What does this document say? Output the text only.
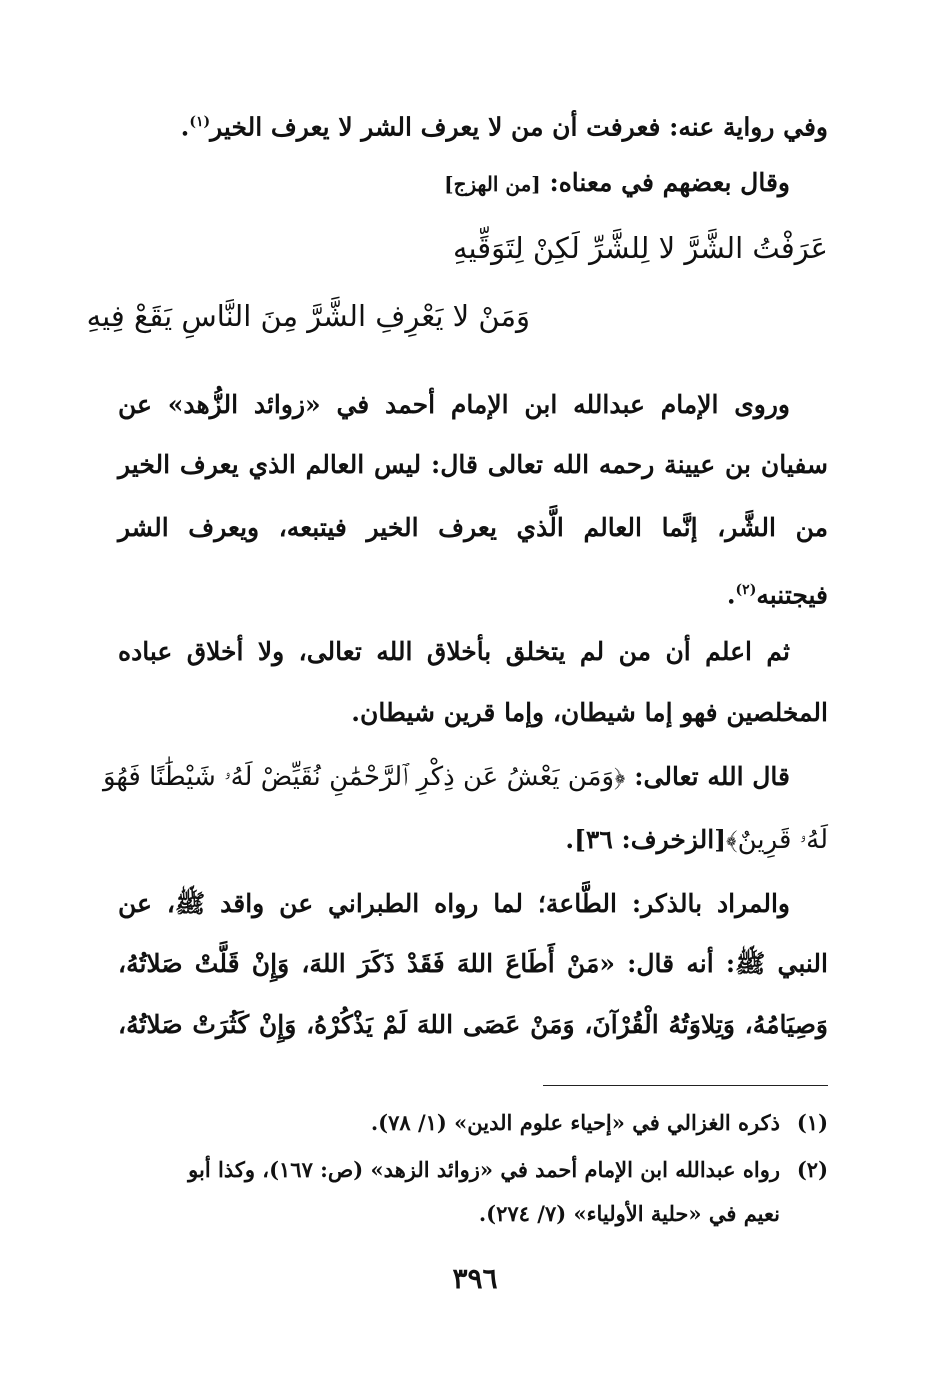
وفي رواية عنه: فعرفت أن من لا يعرف الشر لا يعرف الخير$^{(١)}$.
وقال بعضهم في معناه: [من الهزج]
عَرَفْتُ الشَّرَّ لا لِلشَّرِّ لَكِنْ لِتَوَقِّيهِ
وَمَنْ لا يَعْرِفِ الشَّرَّ مِنَ النَّاسِ يَقَعْ فِيهِ
وروى الإمام عبدالله ابن الإمام أحمد في «زوائد الزُّهد» عن
سفيان بن عيينة رحمه الله تعالى قال: ليس العالم الذي يعرف الخير
من الشَّر، إنَّما العالم الَّذي يعرف الخير فيتبعه، ويعرف الشر
فيجتنبه$^{(٢)}$.
ثم اعلم أن من لم يتخلق بأخلاق الله تعالى، ولا أخلاق عباده
المخلصين فهو إما شيطان، وإما قرين شيطان.
قال الله تعالى: ﴿وَمَن يَعْشُ عَن ذِكْرِ ٱلرَّحْمَٰنِ نُقَيِّضْ لَهُۥ شَيْطَٰنًا فَهُوَ
لَهُۥ قَرِينٌ﴾[الزخرف: ٣٦].
والمراد بالذكر: الطَّاعة؛ لما رواه الطبراني عن واقد ﷺ، عن
النبي ﷺ: أنه قال: «مَنْ أَطَاعَ اللهَ فَقَدْ ذَكَرَ اللهَ، وَإِنْ قَلَّتْ صَلاتُهُ،
وَصِيَامُهُ، وَتِلاوَتُهُ الْقُرْآنَ، وَمَنْ عَصَى اللهَ لَمْ يَذْكُرْهُ، وَإِنْ كَثُرَتْ صَلاتُهُ،
(١)ذكره الغزالي في «إحياء علوم الدين» (١/ ٧٨).
(٢)رواه عبدالله ابن الإمام أحمد في «زوائد الزهد» (ص: ١٦٧)، وكذا أبو
نعيم في «حلية الأولياء» (٧/ ٢٧٤).
٣٩٦
